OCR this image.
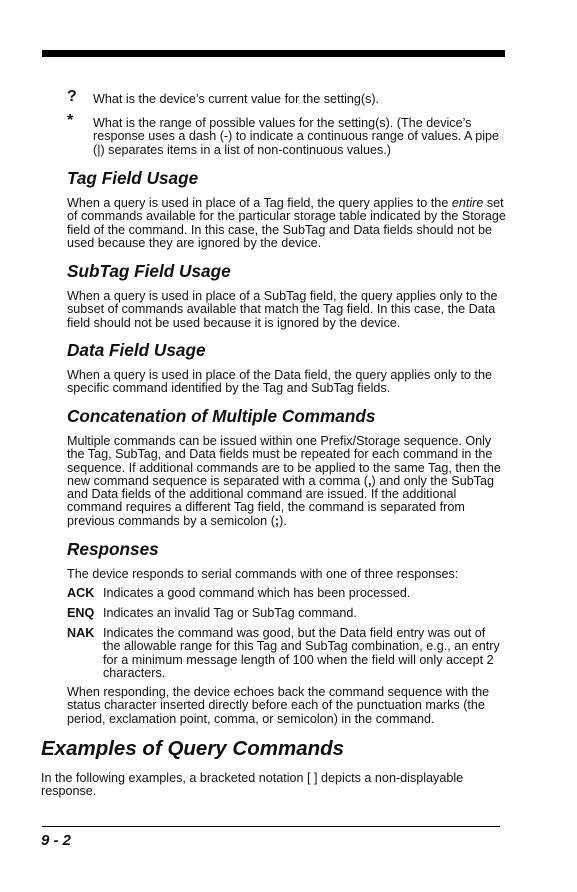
? What is the device’s current value for the setting(s).

* What is the range of possible values for the setting(s). (The device’s response uses a dash (-) to indicate a continuous range of values. A pipe (|) separates items in a list of non-continuous values.)

Tag Field Usage

When a query is used in place of a Tag field, the query applies to the entire set of commands available for the particular storage table indicated by the Storage field of the command. In this case, the SubTag and Data fields should not be used because they are ignored by the device.

SubTag Field Usage

When a query is used in place of a SubTag field, the query applies only to the subset of commands available that match the Tag field. In this case, the Data field should not be used because it is ignored by the device.

Data Field Usage

When a query is used in place of the Data field, the query applies only to the specific command identified by the Tag and SubTag fields.

Concatenation of Multiple Commands

Multiple commands can be issued within one Prefix/Storage sequence. Only the Tag, SubTag, and Data fields must be repeated for each command in the sequence. If additional commands are to be applied to the same Tag, then the new command sequence is separated with a comma (,) and only the SubTag and Data fields of the additional command are issued. If the additional command requires a different Tag field, the command is separated from previous commands by a semicolon (;).

Responses

The device responds to serial commands with one of three responses:

ACK Indicates a good command which has been processed.

ENQ Indicates an invalid Tag or SubTag command.

NAK Indicates the command was good, but the Data field entry was out of the allowable range for this Tag and SubTag combination, e.g., an entry for a minimum message length of 100 when the field will only accept 2 characters.

When responding, the device echoes back the command sequence with the status character inserted directly before each of the punctuation marks (the period, exclamation point, comma, or semicolon) in the command.

Examples of Query Commands

In the following examples, a bracketed notation [ ] depicts a non-displayable response.

9 - 2
